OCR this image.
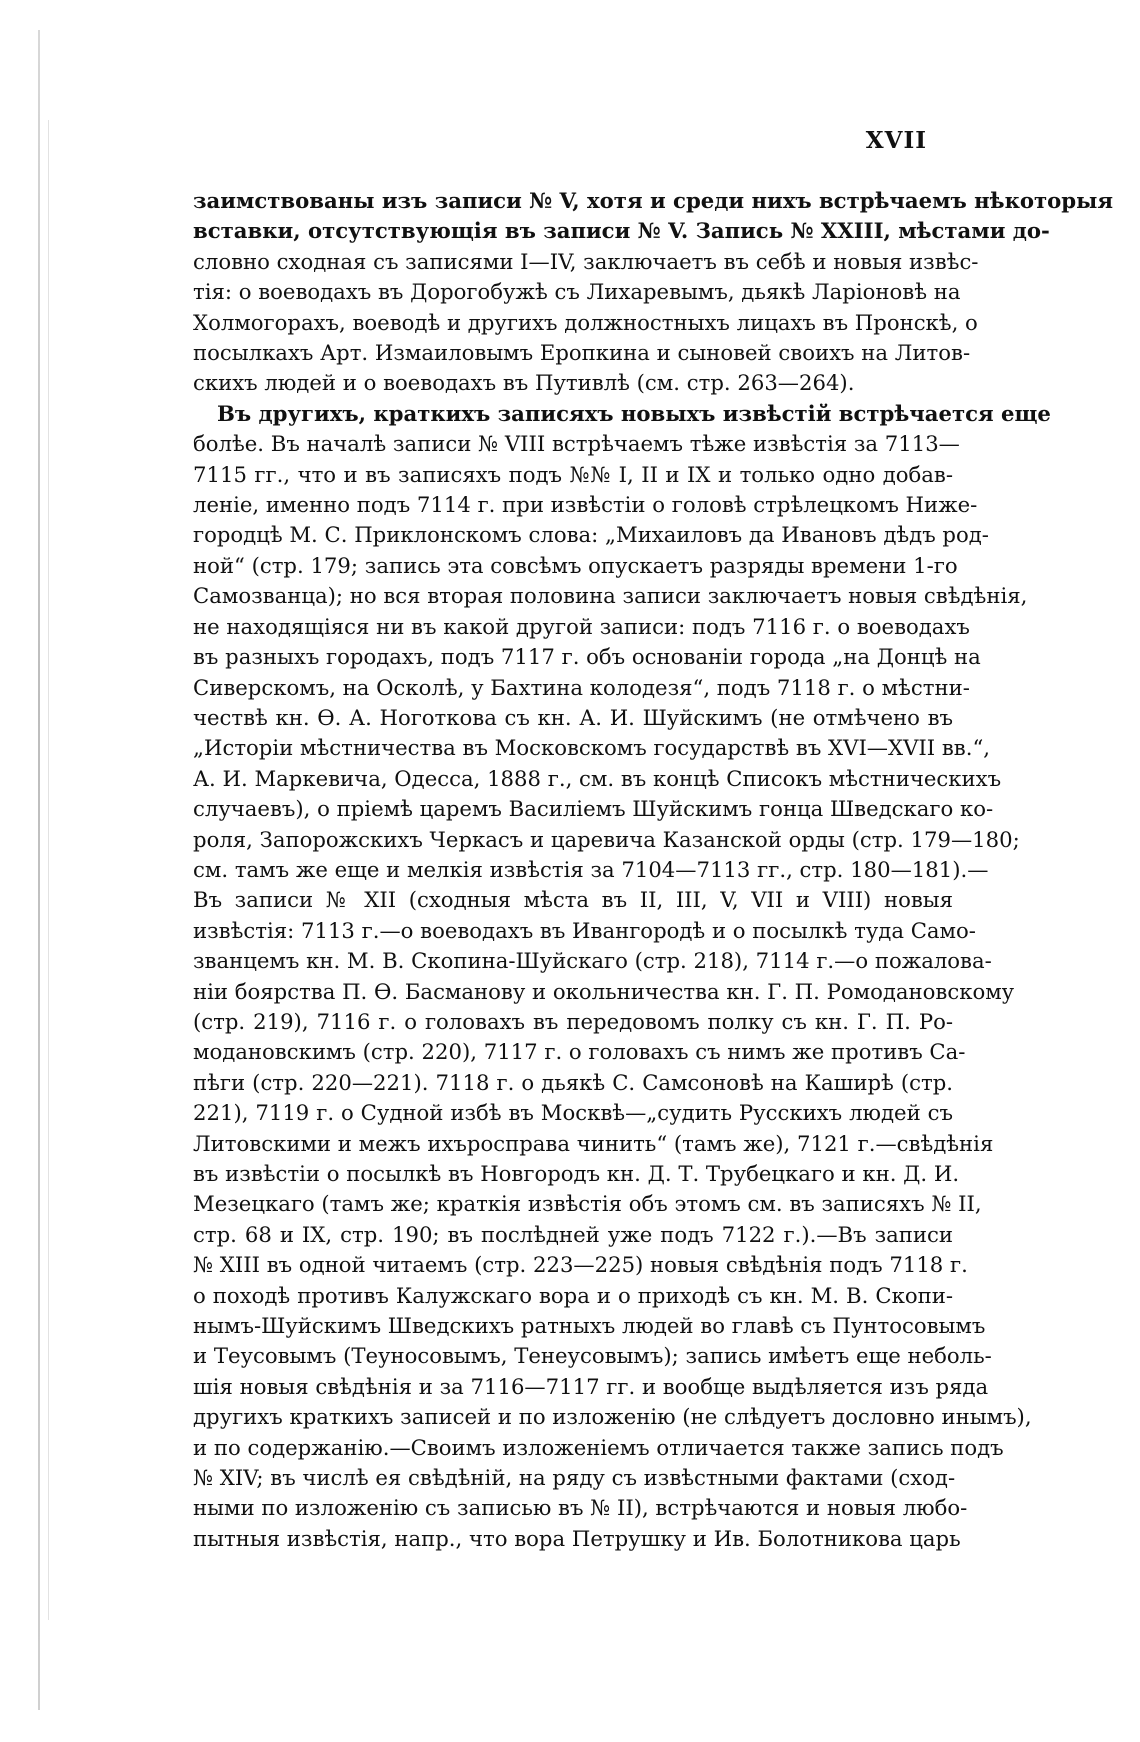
XVII
заимствованы изъ записи № V, хотя и среди нихъ встрѣчаемъ нѣкоторыя
вставки, отсутствующія въ записи № V. Запись № XXIII, мѣстами до-
словно сходная съ записями I—IV, заключаетъ въ себѣ и новыя извѣс-
тія: о воеводахъ въ Дорогобужѣ съ Лихаревымъ, дьякѣ Ларіоновѣ на
Холмогорахъ, воеводѣ и другихъ должностныхъ лицахъ въ Пронскѣ, о
посылкахъ Арт. Измаиловымъ Еропкина и сыновей своихъ на Литов-
скихъ людей и о воеводахъ въ Путивлѣ (см. стр. 263—264).
Въ другихъ, краткихъ записяхъ новыхъ извѣстій встрѣчается еще
болѣе. Въ началѣ записи № VIII встрѣчаемъ тѣже извѣстія за 7113—
7115 гг., что и въ записяхъ подъ №№ I, II и IX и только одно добав-
леніе, именно подъ 7114 г. при извѣстіи о головѣ стрѣлецкомъ Ниже-
городцѣ М. С. Приклонскомъ слова: „Михаиловъ да Ивановъ дѣдъ род-
ной“ (стр. 179; запись эта совсѣмъ опускаетъ разряды времени 1-го
Самозванца); но вся вторая половина записи заключаетъ новыя свѣдѣнія,
не находящіяся ни въ какой другой записи: подъ 7116 г. о воеводахъ
въ разныхъ городахъ, подъ 7117 г. объ основаніи города „на Донцѣ на
Сиверскомъ, на Осколѣ, у Бахтина колодезя“, подъ 7118 г. о мѣстни-
чествѣ кн. Ѳ. А. Ноготкова съ кн. А. И. Шуйскимъ (не отмѣчено въ
„Исторіи мѣстничества въ Московскомъ государствѣ въ XVI—XVII вв.“,
А. И. Маркевича, Одесса, 1888 г., см. въ концѣ Списокъ мѣстническихъ
случаевъ), о пріемѣ царемъ Василіемъ Шуйскимъ гонца Шведскаго ко-
роля, Запорожскихъ Черкасъ и царевича Казанской орды (стр. 179—180;
см. тамъ же еще и мелкія извѣстія за 7104—7113 гг., стр. 180—181).—
Въ записи № XII (сходныя мѣста въ II, III, V, VII и VIII) новыя
извѣстія: 7113 г.—о воеводахъ въ Ивангородѣ и о посылкѣ туда Само-
званцемъ кн. М. В. Скопина-Шуйскаго (стр. 218), 7114 г.—о пожалова-
ніи боярства П. Ѳ. Басманову и окольничества кн. Г. П. Ромодановскому
(стр. 219), 7116 г. о головахъ въ передовомъ полку съ кн. Г. П. Ро-
модановскимъ (стр. 220), 7117 г. о головахъ съ нимъ же противъ Са-
пѣги (стр. 220—221). 7118 г. о дьякѣ С. Самсоновѣ на Каширѣ (стр.
221), 7119 г. о Судной избѣ въ Москвѣ—„судить Русскихъ людей съ
Литовскими и межъ ихъросправа чинить“ (тамъ же), 7121 г.—свѣдѣнія
въ извѣстіи о посылкѣ въ Новгородъ кн. Д. Т. Трубецкаго и кн. Д. И.
Мезецкаго (тамъ же; краткія извѣстія объ этомъ см. въ записяхъ № II,
стр. 68 и IX, стр. 190; въ послѣдней уже подъ 7122 г.).—Въ записи
№ XIII въ одной читаемъ (стр. 223—225) новыя свѣдѣнія подъ 7118 г.
о походѣ противъ Калужскаго вора и о приходѣ съ кн. М. В. Скопи-
нымъ-Шуйскимъ Шведскихъ ратныхъ людей во главѣ съ Пунтосовымъ
и Теусовымъ (Теуносовымъ, Тенеусовымъ); запись имѣетъ еще неболь-
шія новыя свѣдѣнія и за 7116—7117 гг. и вообще выдѣляется изъ ряда
другихъ краткихъ записей и по изложенію (не слѣдуетъ дословно инымъ),
и по содержанію.—Своимъ изложеніемъ отличается также запись подъ
№ XIV; въ числѣ ея свѣдѣній, на ряду съ извѣстными фактами (сход-
ными по изложенію съ записью въ № II), встрѣчаются и новыя любо-
пытныя извѣстія, напр., что вора Петрушку и Ив. Болотникова царь
